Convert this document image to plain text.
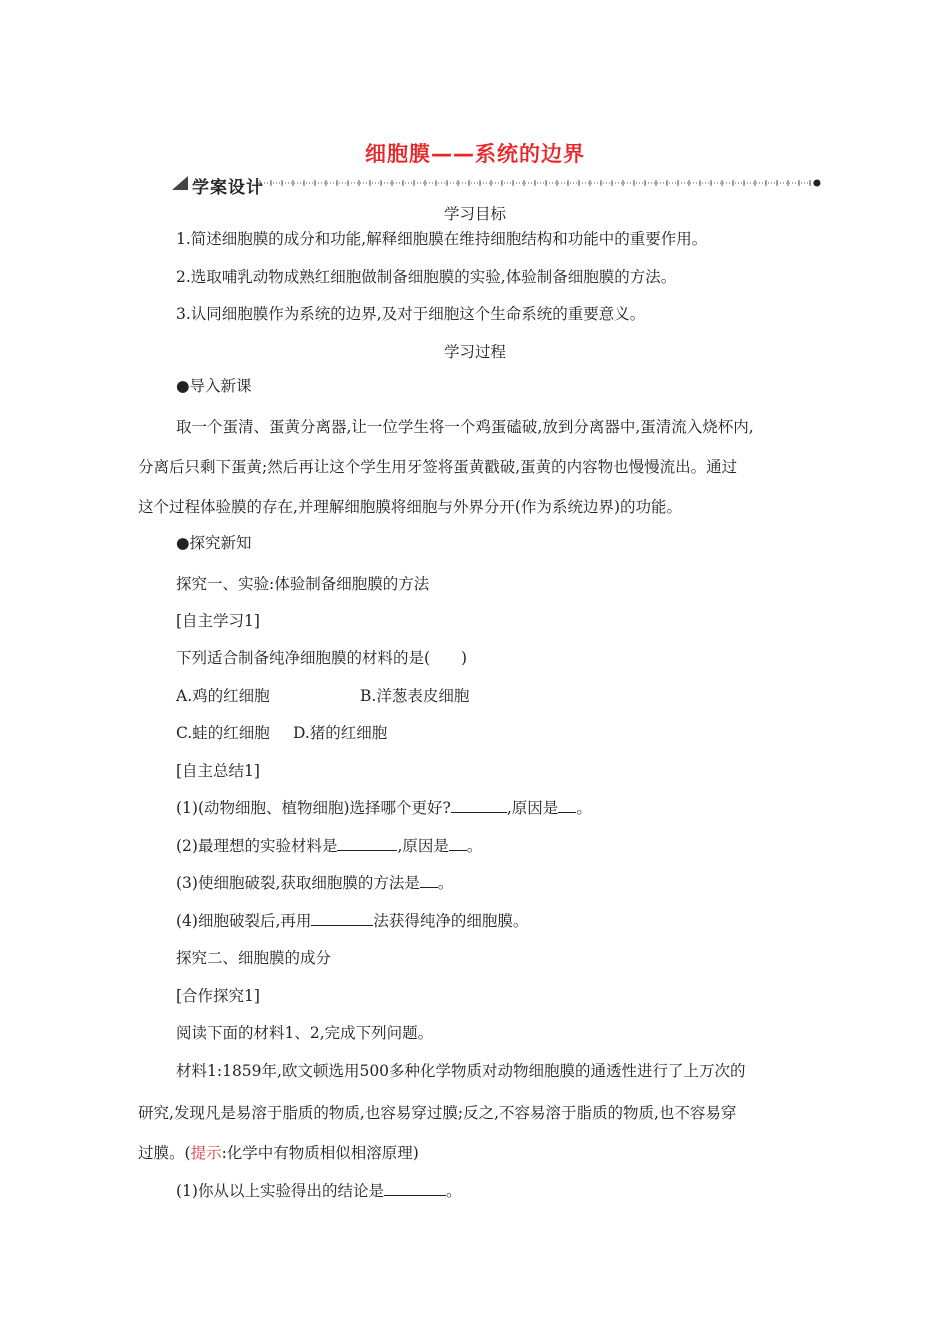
细胞膜——系统的边界
学案设计
学习目标
1.简述细胞膜的成分和功能,解释细胞膜在维持细胞结构和功能中的重要作用。
2.选取哺乳动物成熟红细胞做制备细胞膜的实验,体验制备细胞膜的方法。
3.认同细胞膜作为系统的边界,及对于细胞这个生命系统的重要意义。
学习过程
●导入新课
取一个蛋清、蛋黄分离器,让一位学生将一个鸡蛋磕破,放到分离器中,蛋清流入烧杯内,
分离后只剩下蛋黄;然后再让这个学生用牙签将蛋黄戳破,蛋黄的内容物也慢慢流出。通过
这个过程体验膜的存在,并理解细胞膜将细胞与外界分开(作为系统边界)的功能。
●探究新知
探究一、实验:体验制备细胞膜的方法
[自主学习1]
下列适合制备纯净细胞膜的材料的是(　　)
A.鸡的红细胞	B.洋葱表皮细胞
C.蛙的红细胞 D.猪的红细胞
[自主总结1]
(1)(动物细胞、植物细胞)选择哪个更好?	,原因是 。
(2)最理想的实验材料是	,原因是 。
(3)使细胞破裂,获取细胞膜的方法是 。
(4)细胞破裂后,再用	法获得纯净的细胞膜。
探究二、细胞膜的成分
[合作探究1]
阅读下面的材料1、2,完成下列问题。
材料1:1859年,欧文顿选用500多种化学物质对动物细胞膜的通透性进行了上万次的
研究,发现凡是易溶于脂质的物质,也容易穿过膜;反之,不容易溶于脂质的物质,也不容易穿
过膜。(提示:化学中有物质相似相溶原理)
(1)你从以上实验得出的结论是	。
